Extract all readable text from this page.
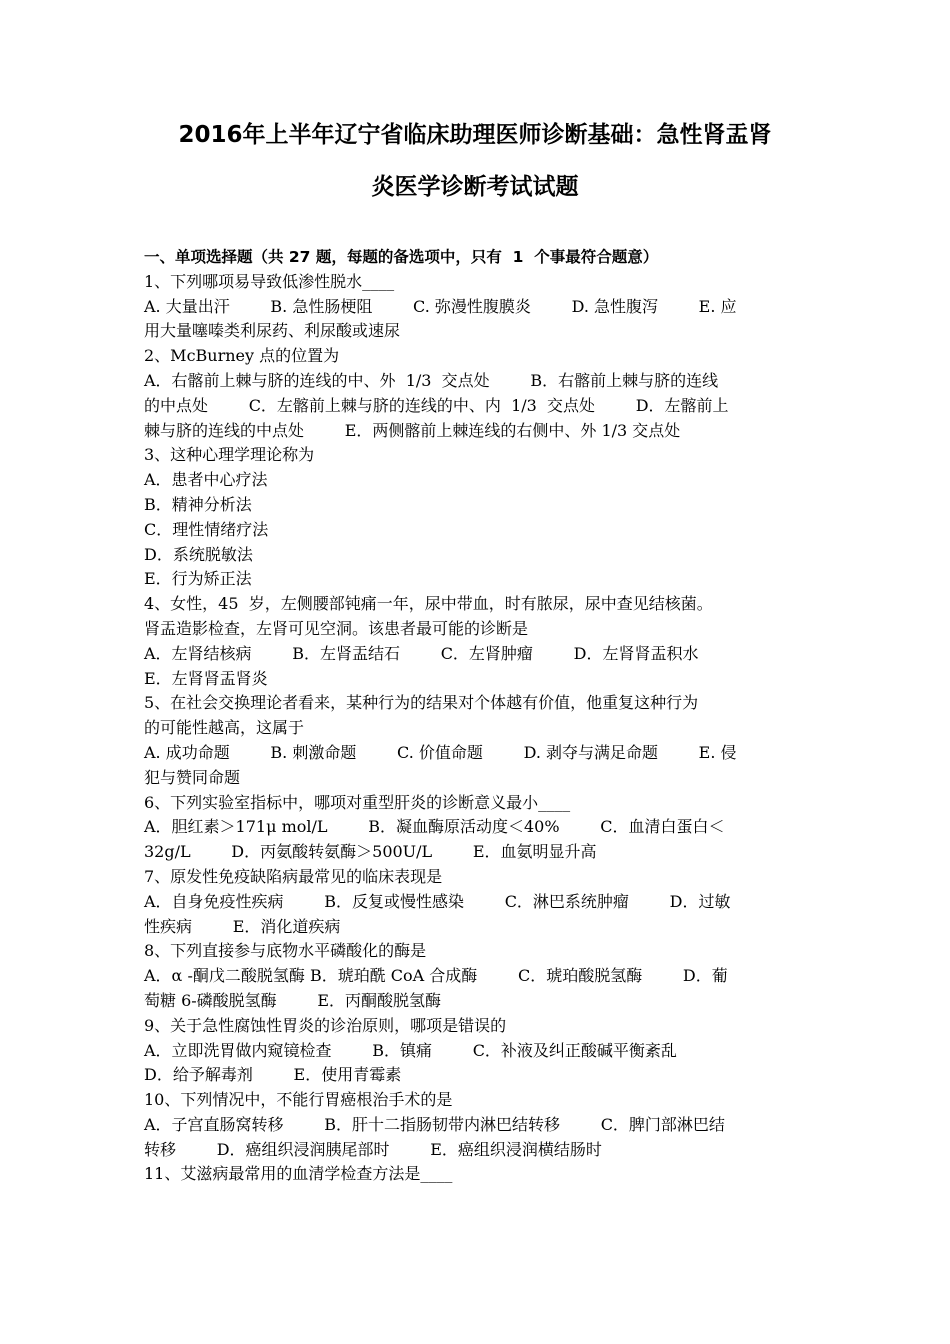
2016年上半年辽宁省临床助理医师诊断基础：急性肾盂肾
炎医学诊断考试试题
一、单项选择题（共 27 题，每题的备选项中，只有  1  个事最符合题意）
1、下列哪项易导致低渗性脱水____
A. 大量出汗        B. 急性肠梗阻        C. 弥漫性腹膜炎        D. 急性腹泻        E. 应
用大量噻嗪类利尿药、利尿酸或速尿
2、McBurney 点的位置为
A．右髂前上棘与脐的连线的中、外  1/3  交点处        B．右髂前上棘与脐的连线
的中点处        C．左髂前上棘与脐的连线的中、内  1/3  交点处        D．左髂前上
棘与脐的连线的中点处        E．两侧髂前上棘连线的右侧中、外 1/3 交点处
3、这种心理学理论称为
A．患者中心疗法
B．精神分析法
C．理性情绪疗法
D．系统脱敏法
E．行为矫正法
4、女性，45  岁，左侧腰部钝痛一年，尿中带血，时有脓尿，尿中查见结核菌。
肾盂造影检查，左肾可见空洞。该患者最可能的诊断是
A．左肾结核病        B．左肾盂结石        C．左肾肿瘤        D．左肾肾盂积水
E．左肾肾盂肾炎
5、在社会交换理论者看来，某种行为的结果对个体越有价值，他重复这种行为
的可能性越高，这属于
A. 成功命题        B. 刺激命题        C. 价值命题        D. 剥夺与满足命题        E. 侵
犯与赞同命题
6、下列实验室指标中，哪项对重型肝炎的诊断意义最小____
A．胆红素＞171μ mol/L        B．凝血酶原活动度＜40%        C．血清白蛋白＜
32g/L        D．丙氨酸转氨酶＞500U/L        E．血氨明显升高
7、原发性免疫缺陷病最常见的临床表现是
A．自身免疫性疾病        B．反复或慢性感染        C．淋巴系统肿瘤        D．过敏
性疾病        E．消化道疾病
8、下列直接参与底物水平磷酸化的酶是
A．α -酮戊二酸脱氢酶 B．琥珀酰 CoA 合成酶        C．琥珀酸脱氢酶        D．葡
萄糖 6-磷酸脱氢酶        E．丙酮酸脱氢酶
9、关于急性腐蚀性胃炎的诊治原则，哪项是错误的
A．立即洗胃做内窥镜检查        B．镇痛        C．补液及纠正酸碱平衡紊乱
D．给予解毒剂        E．使用青霉素
10、下列情况中，不能行胃癌根治手术的是
A．子宫直肠窝转移        B．肝十二指肠韧带内淋巴结转移        C．脾门部淋巴结
转移        D．癌组织浸润胰尾部时        E．癌组织浸润横结肠时
11、艾滋病最常用的血清学检查方法是____
